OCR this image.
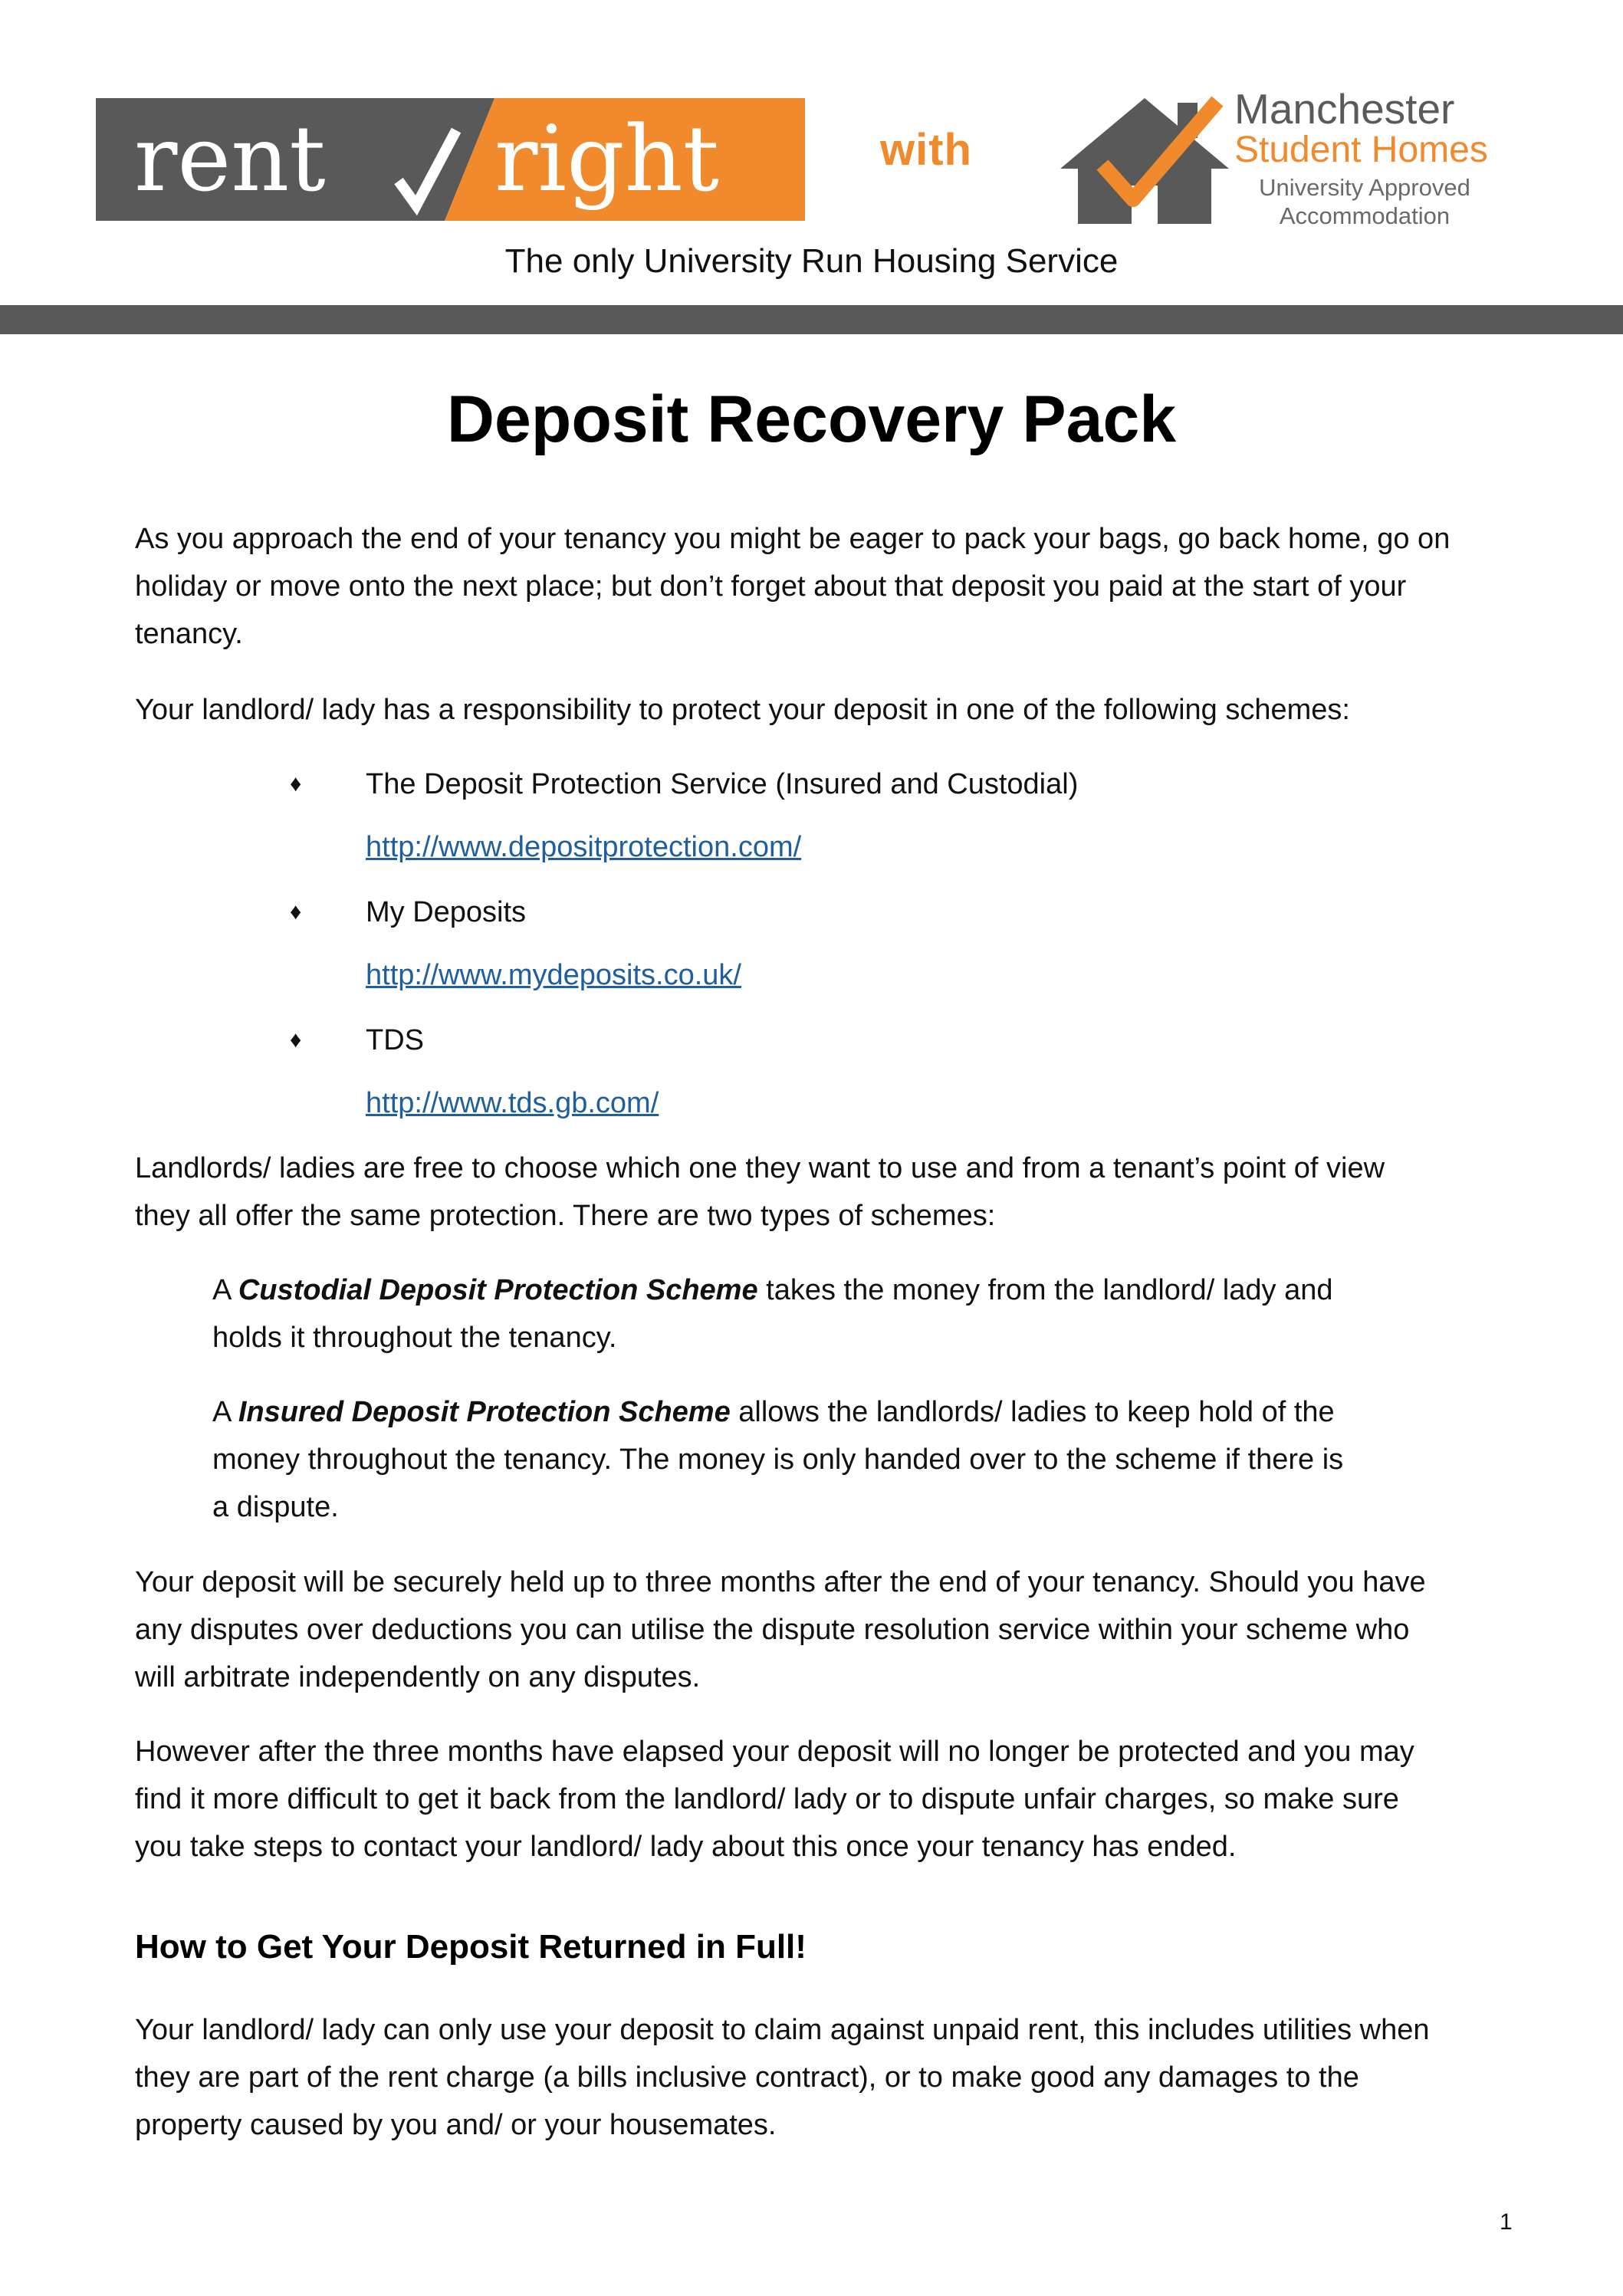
rent right	with
Manchester
Student Homes
University Approved
Accommodation
The only University Run Housing Service
Deposit Recovery Pack
As you approach the end of your tenancy you might be eager to pack your bags, go back home, go on
holiday or move onto the next place; but don’t forget about that deposit you paid at the start of your
tenancy.
Your landlord/ lady has a responsibility to protect your deposit in one of the following schemes:
♦ The Deposit Protection Service (Insured and Custodial)
http://www.depositprotection.com/
♦ My Deposits
http://www.mydeposits.co.uk/
♦ TDS
http://www.tds.gb.com/
Landlords/ ladies are free to choose which one they want to use and from a tenant’s point of view
they all offer the same protection. There are two types of schemes:
A Custodial Deposit Protection Scheme takes the money from the landlord/ lady and
holds it throughout the tenancy.
A Insured Deposit Protection Scheme allows the landlords/ ladies to keep hold of the
money throughout the tenancy. The money is only handed over to the scheme if there is
a dispute.
Your deposit will be securely held up to three months after the end of your tenancy. Should you have
any disputes over deductions you can utilise the dispute resolution service within your scheme who
will arbitrate independently on any disputes.
However after the three months have elapsed your deposit will no longer be protected and you may
find it more difficult to get it back from the landlord/ lady or to dispute unfair charges, so make sure
you take steps to contact your landlord/ lady about this once your tenancy has ended.
How to Get Your Deposit Returned in Full!
Your landlord/ lady can only use your deposit to claim against unpaid rent, this includes utilities when
they are part of the rent charge (a bills inclusive contract), or to make good any damages to the
property caused by you and/ or your housemates.
1
